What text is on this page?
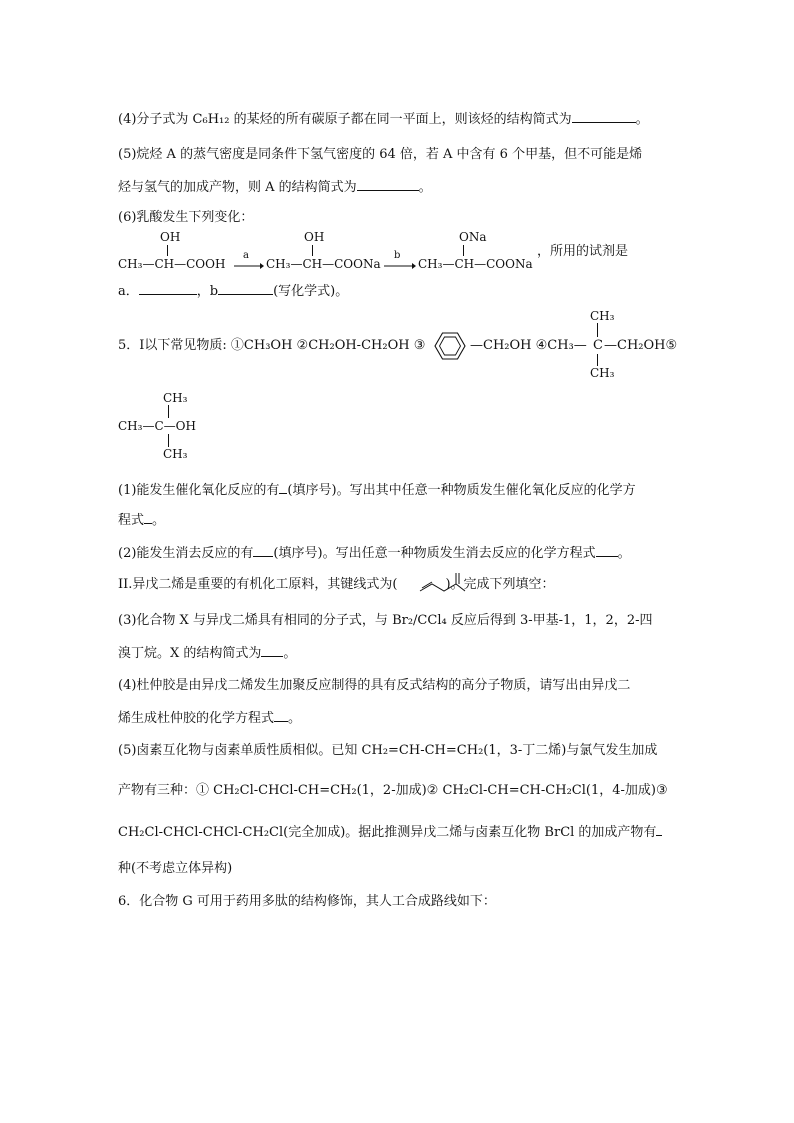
(4)分子式为 C₆H₁₂ 的某烃的所有碳原子都在同一平面上，则该烃的结构简式为	。
(5)烷烃 A 的蒸气密度是同条件下氢气密度的 64 倍，若 A 中含有 6 个甲基，但不可能是烯
烃与氢气的加成产物，则 A 的结构简式为	。
(6)乳酸发生下列变化：
OH
CH₃—CH—COOH
a
OH
CH₃—CH—COONa
b
ONa
CH₃—CH—COONa
，所用的试剂是
a．	，b	(写化学式)。
5．I以下常见物质: ①CH₃OH ②CH₂OH-CH₂OH ③	—CH₂OH ④CH₃—
CH₃
C —CH₂OH⑤
CH₃
CH₃
CH₃—C—OH
CH₃
(1)能发生催化氧化反应的有 (填序号)。写出其中任意一种物质发生催化氧化反应的化学方
程式 。
(2)能发生消去反应的有 (填序号)。写出任意一种物质发生消去反应的化学方程式 。
II.异戊二烯是重要的有机化工原料，其键线式为(	)。完成下列填空：
(3)化合物 X 与异戊二烯具有相同的分子式，与 Br₂/CCl₄ 反应后得到 3-甲基-1，1，2，2-四
溴丁烷。X 的结构简式为 。
(4)杜仲胶是由异戊二烯发生加聚反应制得的具有反式结构的高分子物质，请写出由异戊二
烯生成杜仲胶的化学方程式 。
(5)卤素互化物与卤素单质性质相似。已知 CH₂=CH-CH=CH₂(1，3-丁二烯)与氯气发生加成
产物有三种：① CH₂Cl-CHCl-CH=CH₂(1，2-加成)② CH₂Cl-CH=CH-CH₂Cl(1，4-加成)③
CH₂Cl-CHCl-CHCl-CH₂Cl(完全加成)。据此推测异戊二烯与卤素互化物 BrCl 的加成产物有
种(不考虑立体异构)
6．化合物 G 可用于药用多肽的结构修饰，其人工合成路线如下：
